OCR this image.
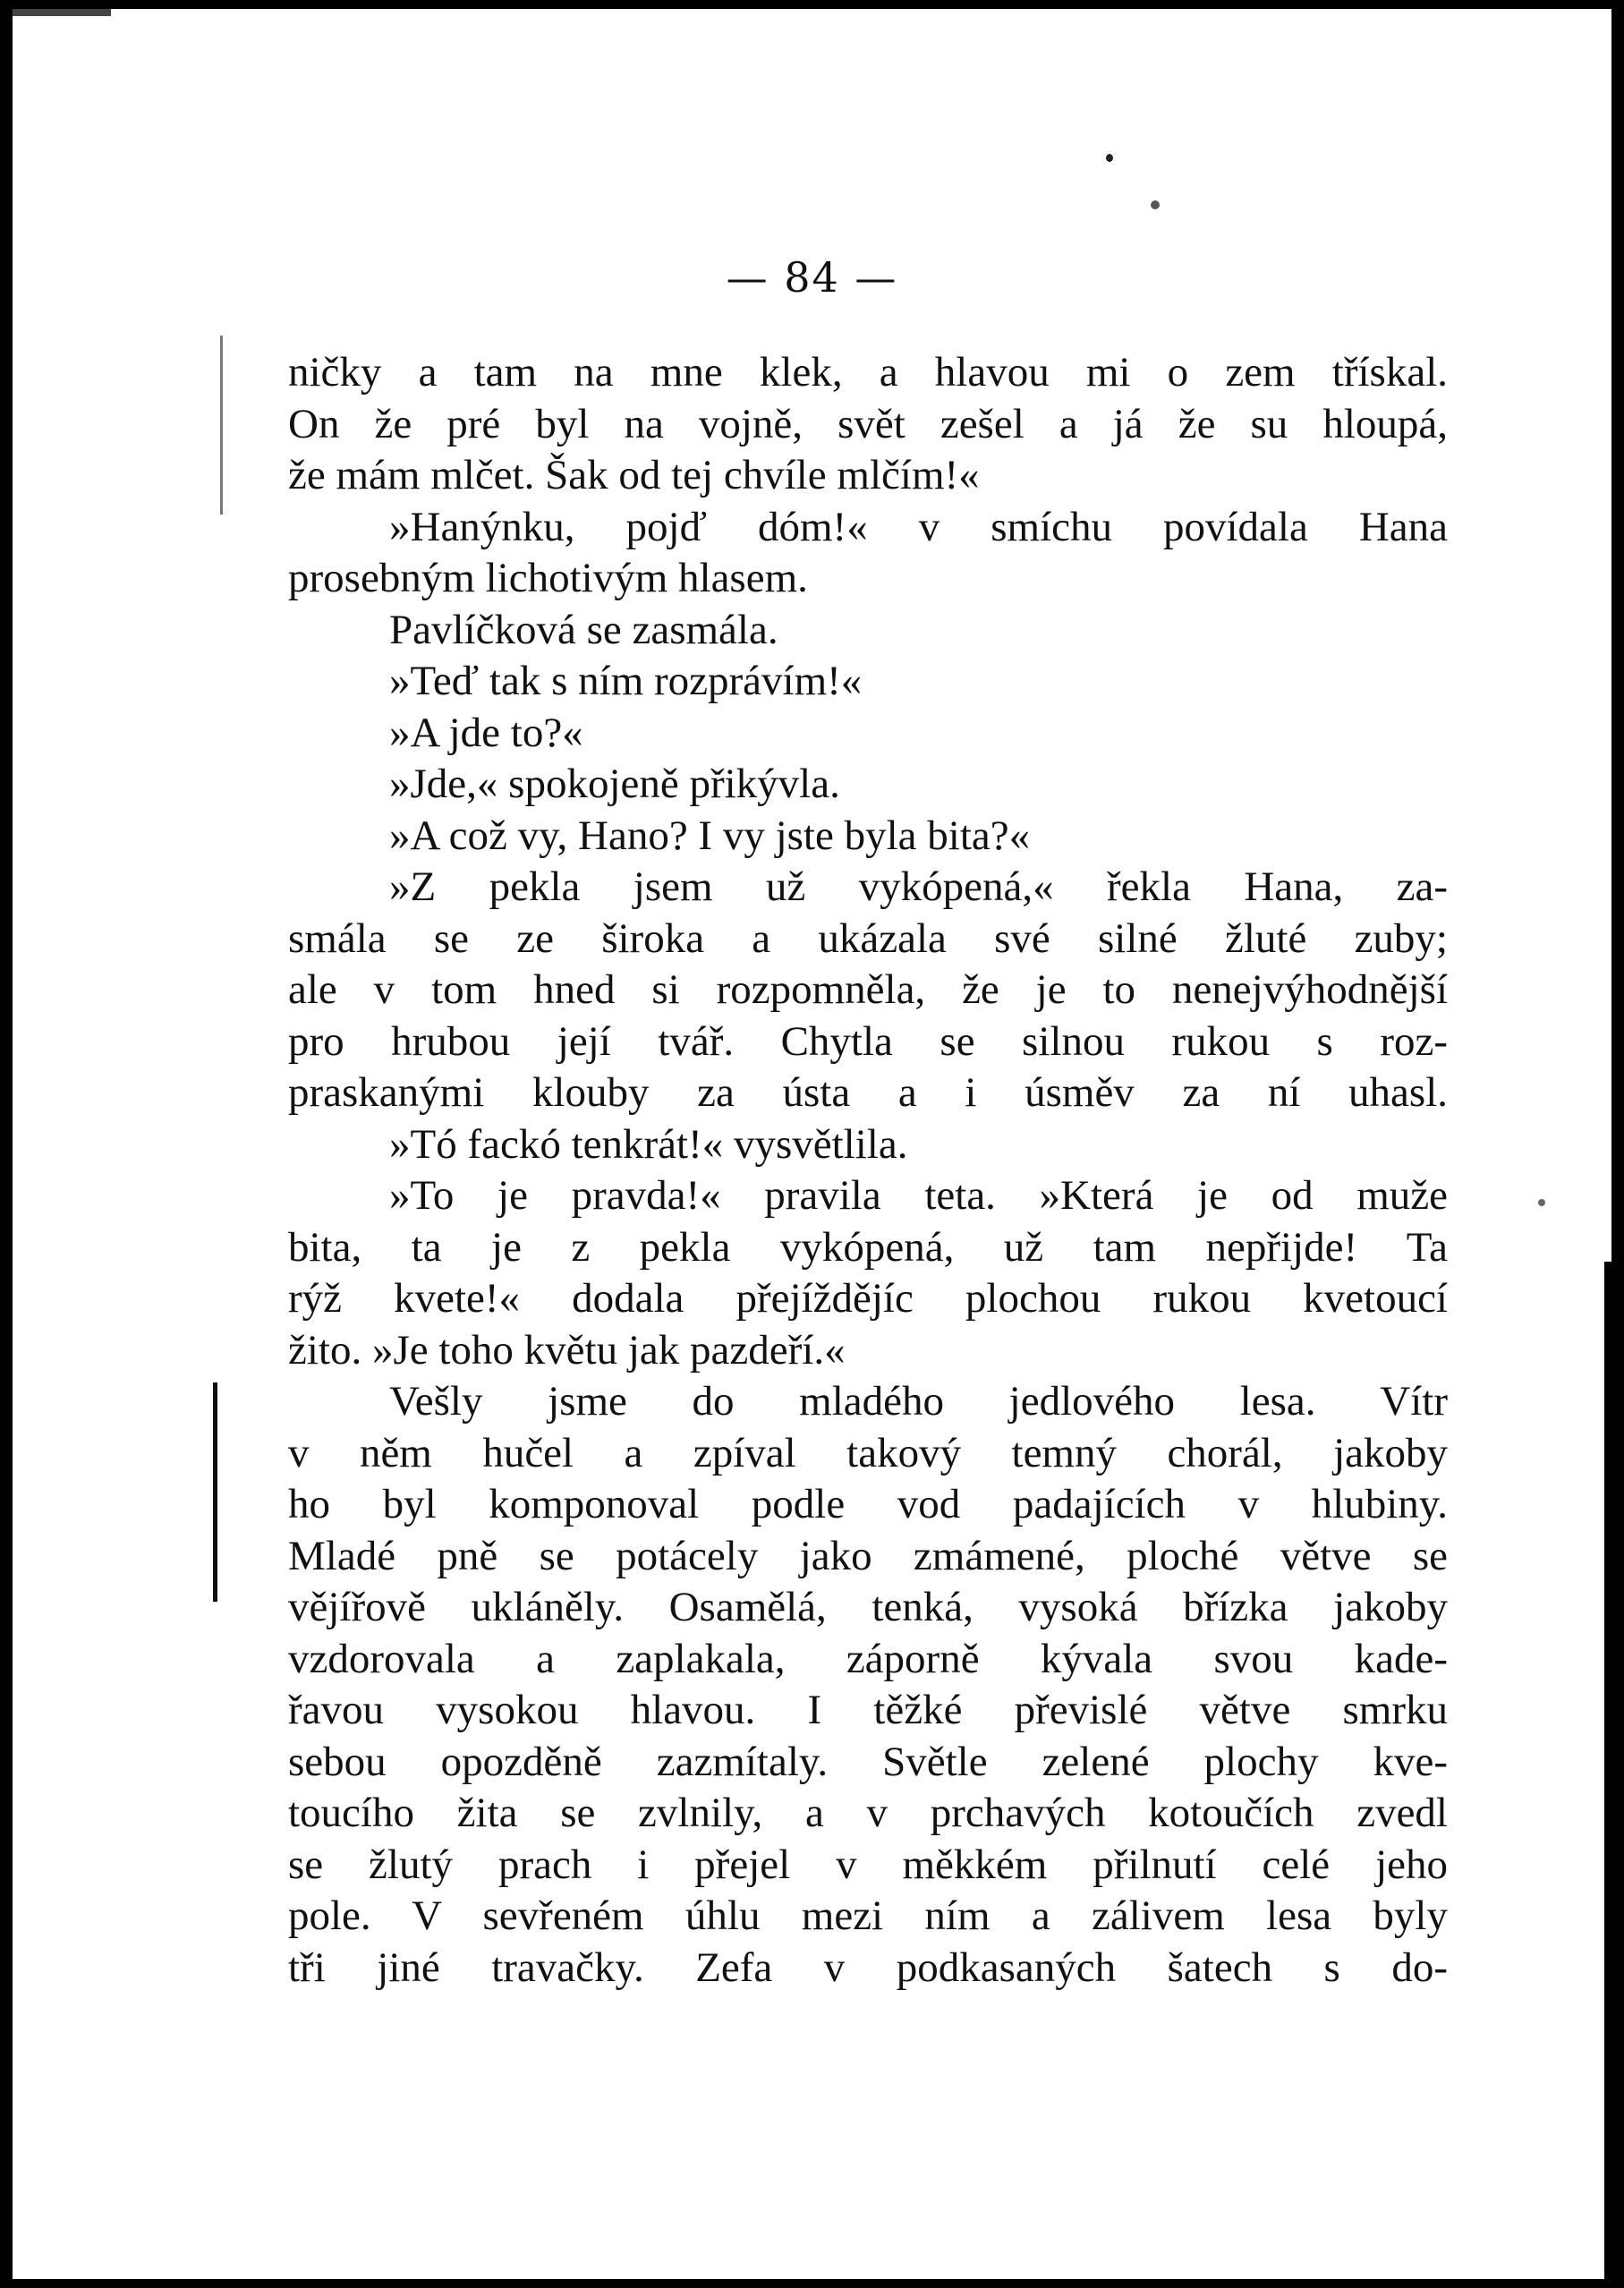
— 84 —
ničky a tam na mne klek, a hlavou mi o zem třískal.
On že pré byl na vojně, svět zešel a já že su hloupá,
že mám mlčet. Šak od tej chvíle mlčím!«
»Hanýnku, pojď dóm!« v smíchu povídala Hana
prosebným lichotivým hlasem.
Pavlíčková se zasmála.
»Teď tak s ním rozprávím!«
»A jde to?«
»Jde,« spokojeně přikývla.
»A což vy, Hano? I vy jste byla bita?«
»Z pekla jsem už vykópená,« řekla Hana, za-
smála se ze široka a ukázala své silné žluté zuby;
ale v tom hned si rozpomněla, že je to nenejvýhodnější
pro hrubou její tvář. Chytla se silnou rukou s roz-
praskanými klouby za ústa a i úsměv za ní uhasl.
»Tó fackó tenkrát!« vysvětlila.
»To je pravda!« pravila teta. »Která je od muže
bita, ta je z pekla vykópená, už tam nepřijde! Ta
rýž kvete!« dodala přejíždějíc plochou rukou kvetoucí
žito. »Je toho květu jak pazdeří.«
Vešly jsme do mladého jedlového lesa. Vítr
v něm hučel a zpíval takový temný chorál, jakoby
ho byl komponoval podle vod padajících v hlubiny.
Mladé pně se potácely jako zmámené, ploché větve se
vějířově ukláněly. Osamělá, tenká, vysoká břízka jakoby
vzdorovala a zaplakala, záporně kývala svou kade-
řavou vysokou hlavou. I těžké převislé větve smrku
sebou opozděně zazmítaly. Světle zelené plochy kve-
toucího žita se zvlnily, a v prchavých kotoučích zvedl
se žlutý prach i přejel v měkkém přilnutí celé jeho
pole. V sevřeném úhlu mezi ním a zálivem lesa byly
tři jiné travačky. Zefa v podkasaných šatech s do-
